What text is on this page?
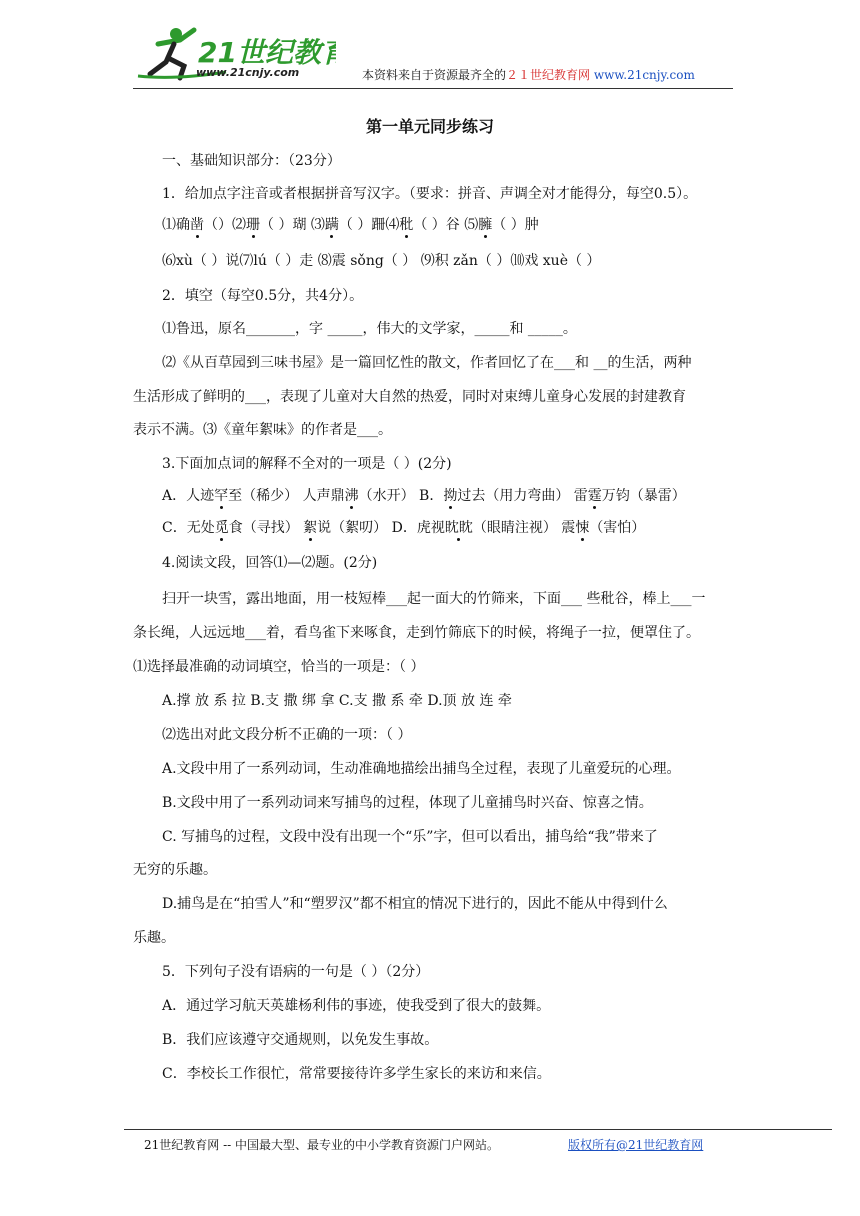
21世纪教育
www.21cnjy.com	本资料来自于资源最齐全的２１世纪教育网 www.21cnjy.com
第一单元同步练习
一、基础知识部分：（23分）
1．给加点字注音或者根据拼音写汉字。（要求：拼音、声调全对才能得分，每空0.5）。
⑴确凿（）⑵珊（ ）瑚 ⑶蹒（ ）跚⑷秕（ ）谷 ⑸臃（ ）肿
⑹xù（ ）说⑺lú（ ）走 ⑻震 sǒng（ ） ⑼积 zǎn（ ）⑽戏 xuè（ ）
2．填空（每空0.5分，共4分）。
⑴鲁迅，原名_______，字 _____，伟大的文学家，_____和 _____。
⑵《从百草园到三味书屋》是一篇回忆性的散文，作者回忆了在___和 __的生活，两种
生活形成了鲜明的___，表现了儿童对大自然的热爱，同时对束缚儿童身心发展的封建教育
表示不满。⑶《童年絮味》的作者是___。
3.下面加点词的解释不全对的一项是（ ）(2分)
A．人迹罕至（稀少） 人声鼎沸（水开） B．拗过去（用力弯曲） 雷霆万钧（暴雷）
C．无处觅食（寻找） 絮说（絮叨） D．虎视眈眈（眼睛注视） 震悚（害怕）
4.阅读文段，回答⑴—⑵题。(2分)
扫开一块雪，露出地面，用一枝短棒___起一面大的竹筛来，下面___ 些秕谷，棒上___一
条长绳，人远远地___着，看鸟雀下来啄食，走到竹筛底下的时候，将绳子一拉，便罩住了。
⑴选择最准确的动词填空，恰当的一项是：（ ）
A.撑 放 系 拉 B.支 撒 绑 拿 C.支 撒 系 牵 D.顶 放 连 牵
⑵选出对此文段分析不正确的一项：（ ）
A.文段中用了一系列动词，生动准确地描绘出捕鸟全过程，表现了儿童爱玩的心理。
B.文段中用了一系列动词来写捕鸟的过程，体现了儿童捕鸟时兴奋、惊喜之情。
C. 写捕鸟的过程，文段中没有出现一个“乐”字，但可以看出，捕鸟给“我”带来了
无穷的乐趣。
D.捕鸟是在“拍雪人”和“塑罗汉”都不相宜的情况下进行的，因此不能从中得到什么
乐趣。
5．下列句子没有语病的一句是（ ）（2分）
A．通过学习航天英雄杨利伟的事迹，使我受到了很大的鼓舞。
B．我们应该遵守交通规则，以免发生事故。
C．李校长工作很忙，常常要接待许多学生家长的来访和来信。
21世纪教育网 -- 中国最大型、最专业的中小学教育资源门户网站。	版权所有@21世纪教育网
